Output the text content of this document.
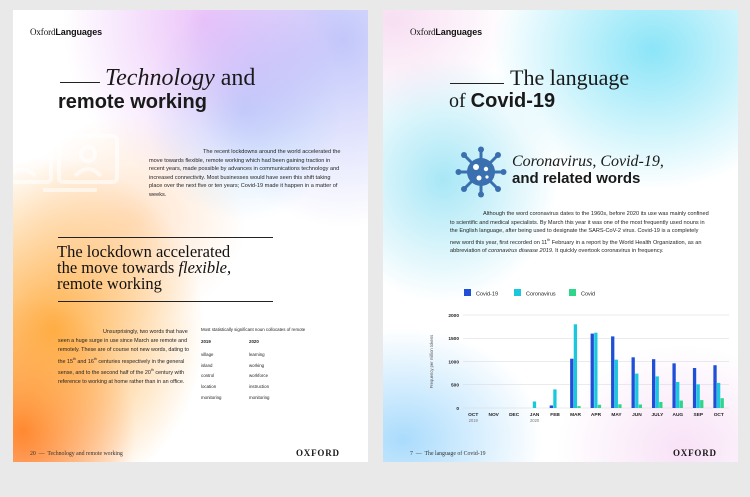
OxfordLanguages
Technology and
remote working
The recent lockdowns around the world accelerated the move towards flexible, remote working which had been gaining traction in recent years, made possible by advances in communications technology and increased connectivity. Most businesses would have seen this shift taking place over the next five or ten years; Covid-19 made it happen in a matter of weeks.
The lockdown accelerated
the move towards flexible,
remote working
Unsurprisingly, two words that have seen a huge surge in use since March are remote and remotely. These are of course not new words, dating to the 15th and 16th centuries respectively in the general sense, and to the second half of the 20th century with reference to working at home rather than in an office.
Most statistically significant noun collocates of remote
2019	2020
village	learning
island	working
control	workforce
location	instruction
monitoring	monitoring
20 — Technology and remote working	OXFORD
OxfordLanguages
The language
of Covid-19
Coronavirus, Covid-19,
and related words
Although the word coronavirus dates to the 1960s, before 2020 its use was mainly confined to scientific and medical specialists. By March this year it was one of the most frequently used nouns in the English language, after being used to designate the SARS-CoV-2 virus. Covid-19 is a completely new word this year, first recorded on 11th February in a report by the World Health Organization, as an abbreviation of coronavirus disease 2019. It quickly overtook coronavirus in frequency.
Covid-19	Coronavirus	Covid
0
500
1000
1500
2000
Frequency per million tokens
OCT
2019
NOV DEC JAN
2020
FEB MAR APR MAY JUN JULY AUG SEP OCT
7 — The language of Covid-19	OXFORD
